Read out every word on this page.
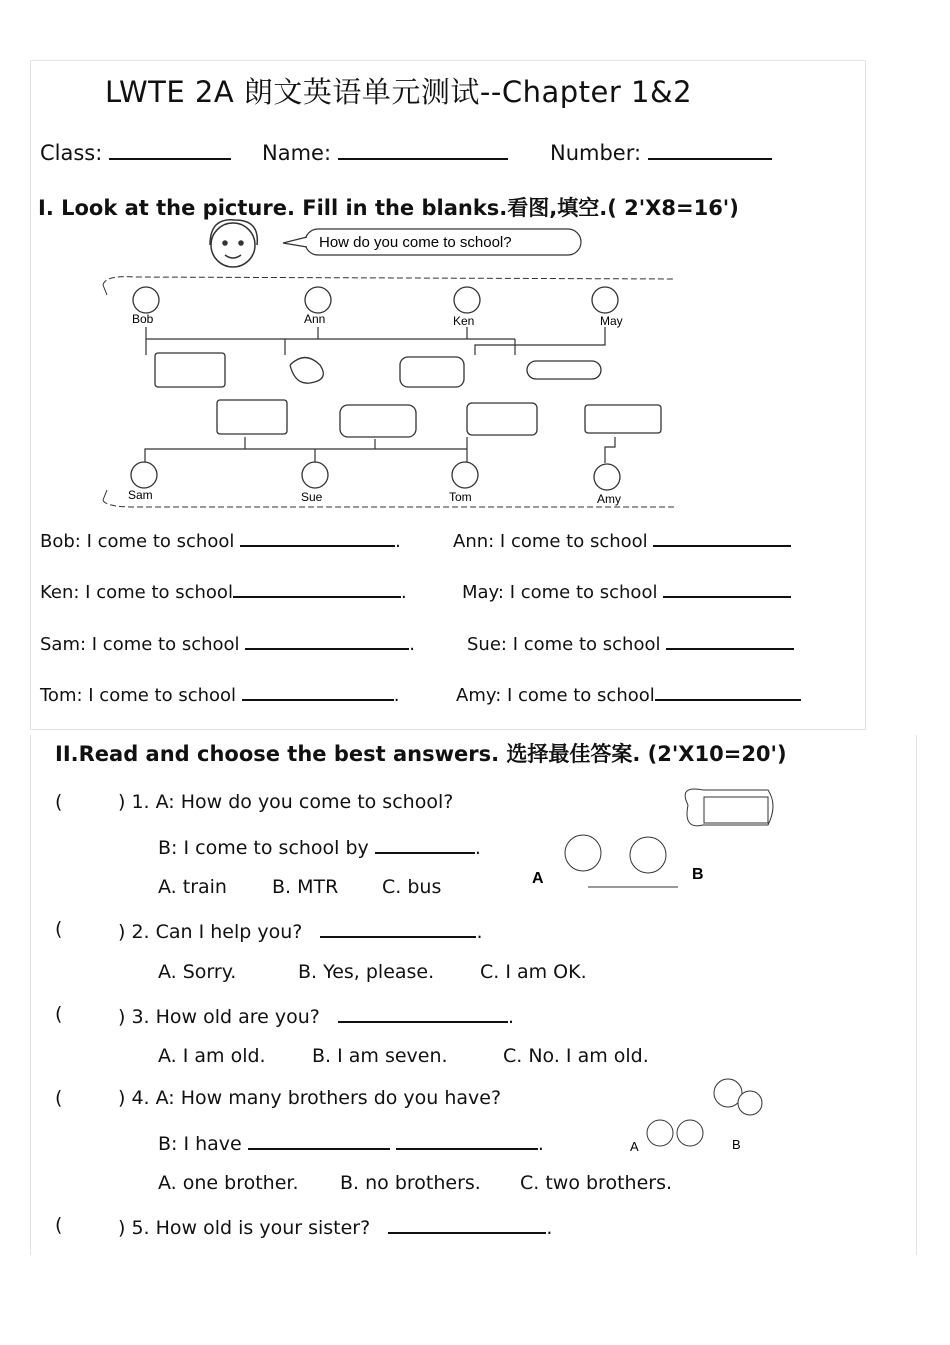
LWTE 2A 朗文英语单元测试--Chapter 1&2
Class:	Name:	Number:
I. Look at the picture. Fill in the blanks.看图,填空.( 2'X8=16')
How do you come to school?
Bob	Ann	Ken	May
Sam	Sue	Tom	Amy
Bob: I come to school	.	Ann: I come to school
Ken: I come to school	.	May: I come to school
Sam: I come to school	.	Sue: I come to school
Tom: I come to school	.	Amy: I come to school
II.Read and choose the best answers. 选择最佳答案. (2'X10=20')
(	) 1. A: How do you come to school?
B: I come to school by	.
A. train B. MTR C. bus	A	B
(	) 2. Can I help you?	.
A. Sorry.	B. Yes, please. C. I am OK.
(	) 3. How old are you?	.
A. I am old. B. I am seven.	C. No. I am old.
(	) 4. A: How many brothers do you have?
B: I have	.
A. one brother. B. no brothers. C. two brothers.
A	B
(	) 5. How old is your sister?	.
